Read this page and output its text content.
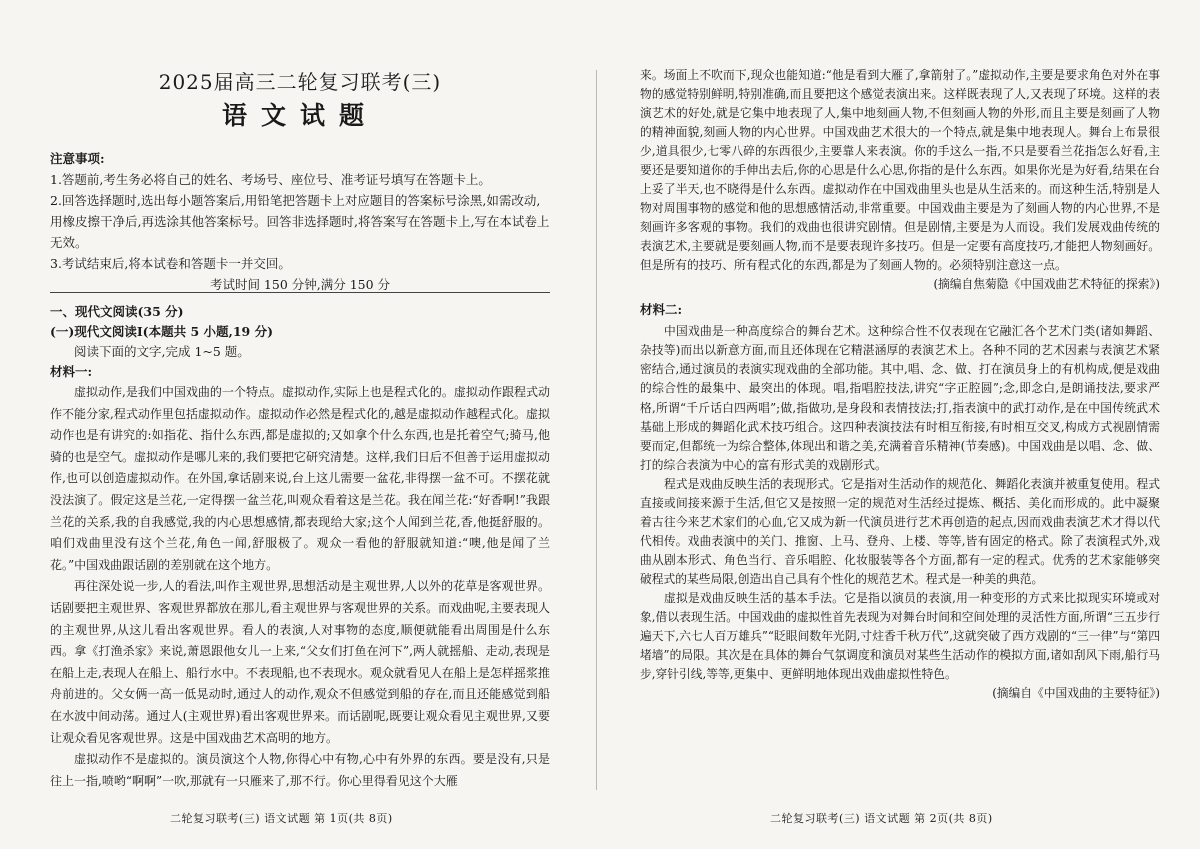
2025届高三二轮复习联考(三)
语文试题
注意事项:
1.答题前,考生务必将自己的姓名、考场号、座位号、准考证号填写在答题卡上。
2.回答选择题时,选出每小题答案后,用铅笔把答题卡上对应题目的答案标号涂黑,如需改动,用橡皮擦干净后,再选涂其他答案标号。回答非选择题时,将答案写在答题卡上,写在本试卷上无效。
3.考试结束后,将本试卷和答题卡一并交回。
考试时间 150 分钟,满分 150 分
一、现代文阅读(35 分)
(一)现代文阅读Ⅰ(本题共 5 小题,19 分)
阅读下面的文字,完成 1~5 题。
材料一:

虚拟动作,是我们中国戏曲的一个特点。虚拟动作,实际上也是程式化的。虚拟动作跟程式动作不能分家,程式动作里包括虚拟动作。虚拟动作必然是程式化的,越是虚拟动作越程式化。虚拟动作也是有讲究的:如指花、指什么东西,都是虚拟的;又如拿个什么东西,也是托着空气;骑马,他骑的也是空气。虚拟动作是哪儿来的,我们要把它研究清楚。这样,我们日后不但善于运用虚拟动作,也可以创造虚拟动作。在外国,拿话剧来说,台上这儿需要一盆花,非得摆一盆不可。不摆花就没法演了。假定这是兰花,一定得摆一盆兰花,叫观众看着这是兰花。我在闻兰花:“好香啊!”我跟兰花的关系,我的自我感觉,我的内心思想感情,都表现给大家;这个人闻到兰花,香,他挺舒服的。咱们戏曲里没有这个兰花,角色一闻,舒服极了。观众一看他的舒服就知道:“噢,他是闻了兰花。”中国戏曲跟话剧的差别就在这个地方。

再往深处说一步,人的看法,叫作主观世界,思想活动是主观世界,人以外的花草是客观世界。话剧要把主观世界、客观世界都放在那儿,看主观世界与客观世界的关系。而戏曲呢,主要表现人的主观世界,从这儿看出客观世界。看人的表演,人对事物的态度,顺便就能看出周围是什么东西。拿《打渔杀家》来说,萧恩跟他女儿一上来,“父女们打鱼在河下”,两人就摇船、走动,表现是在船上走,表现人在船上、船行水中。不表现船,也不表现水。观众就看见人在船上是怎样摇浆推舟前进的。父女俩一高一低晃动时,通过人的动作,观众不但感觉到船的存在,而且还能感觉到船在水波中间动荡。通过人(主观世界)看出客观世界来。而话剧呢,既要让观众看见主观世界,又要让观众看见客观世界。这是中国戏曲艺术高明的地方。

虚拟动作不是虚拟的。演员演这个人物,你得心中有物,心中有外界的东西。要是没有,只是往上一指,喷哟“啊啊”一吹,那就有一只雁来了,那不行。你心里得看见这个大雁

二轮复习联考(三) 语文试题 第 1页(共 8页)

来。场面上不吹而下,现众也能知道:“他是看到大雁了,拿箭射了。”虚拟动作,主要是要求角色对外在事物的感觉特别鲜明,特别准确,而且要把这个感觉表演出来。这样既表现了人,又表现了环境。这样的表演艺术的好处,就是它集中地表现了人,集中地刻画人物,不但刻画人物的外形,而且主要是刻画了人物的精神面貌,刻画人物的内心世界。中国戏曲艺术很大的一个特点,就是集中地表现人。舞台上布景很少,道具很少,七零八碎的东西很少,主要靠人来表演。你的手这么一指,不只是要看兰花指怎么好看,主要还是要知道你的手伸出去后,你的心思是什么心思,你指的是什么东西。如果你光是为好看,结果在台上妥了半天,也不晓得是什么东西。虚拟动作在中国戏曲里头也是从生活来的。而这种生活,特别是人物对周围事物的感觉和他的思想感情活动,非常重要。中国戏曲主要是为了刻画人物的内心世界,不是刻画许多客观的事物。我们的戏曲也很讲究剧情。但是剧情,主要是为人而设。我们发展戏曲传统的表演艺术,主要就是要刻画人物,而不是要表现许多技巧。但是一定要有高度技巧,才能把人物刻画好。但是所有的技巧、所有程式化的东西,都是为了刻画人物的。必须特别注意这一点。

(摘编自焦菊隐《中国戏曲艺术特征的探索》)

材料二:

中国戏曲是一种高度综合的舞台艺术。这种综合性不仅表现在它融汇各个艺术门类(诸如舞蹈、杂技等)而出以新意方面,而且还体现在它精湛涵厚的表演艺术上。各种不同的艺术因素与表演艺术紧密结合,通过演员的表演实现戏曲的全部功能。其中,唱、念、做、打在演员身上的有机构成,便是戏曲的综合性的最集中、最突出的体现。唱,指唱腔技法,讲究“字正腔圆”;念,即念白,是朗诵技法,要求严格,所谓“千斤话白四两唱”;做,指做功,是身段和表情技法;打,指表演中的武打动作,是在中国传统武术基础上形成的舞蹈化武术技巧组合。这四种表演技法有时相互衔接,有时相互交叉,构成方式视剧情需要而定,但都统一为综合整体,体现出和谐之美,充满着音乐精神(节奏感)。中国戏曲是以唱、念、做、打的综合表演为中心的富有形式美的戏剧形式。

程式是戏曲反映生活的表现形式。它是指对生活动作的规范化、舞蹈化表演并被重复使用。程式直接或间接来源于生活,但它又是按照一定的规范对生活经过提炼、概括、美化而形成的。此中凝聚着古往今来艺术家们的心血,它又成为新一代演员进行艺术再创造的起点,因而戏曲表演艺术才得以代代相传。戏曲表演中的关门、推窗、上马、登舟、上楼、等等,皆有固定的格式。除了表演程式外,戏曲从剧本形式、角色当行、音乐唱腔、化妆服装等各个方面,都有一定的程式。优秀的艺术家能够突破程式的某些局限,创造出自己具有个性化的规范艺术。程式是一种美的典范。

虚拟是戏曲反映生活的基本手法。它是指以演员的表演,用一种变形的方式来比拟现实环境或对象,借以表现生活。中国戏曲的虚拟性首先表现为对舞台时间和空间处理的灵活性方面,所谓“三五步行遍天下,六七人百万雄兵”“眨眼间数年光阴,寸炷香千秋万代”,这就突破了西方戏剧的“三一律”与“第四堵墙”的局限。其次是在具体的舞台气氛调度和演员对某些生活动作的模拟方面,诸如刮风下雨,船行马步,穿针引线,等等,更集中、更鲜明地体现出戏曲虚拟性特色。

(摘编自《中国戏曲的主要特征》)

二轮复习联考(三) 语文试题 第 2页(共 8页)
